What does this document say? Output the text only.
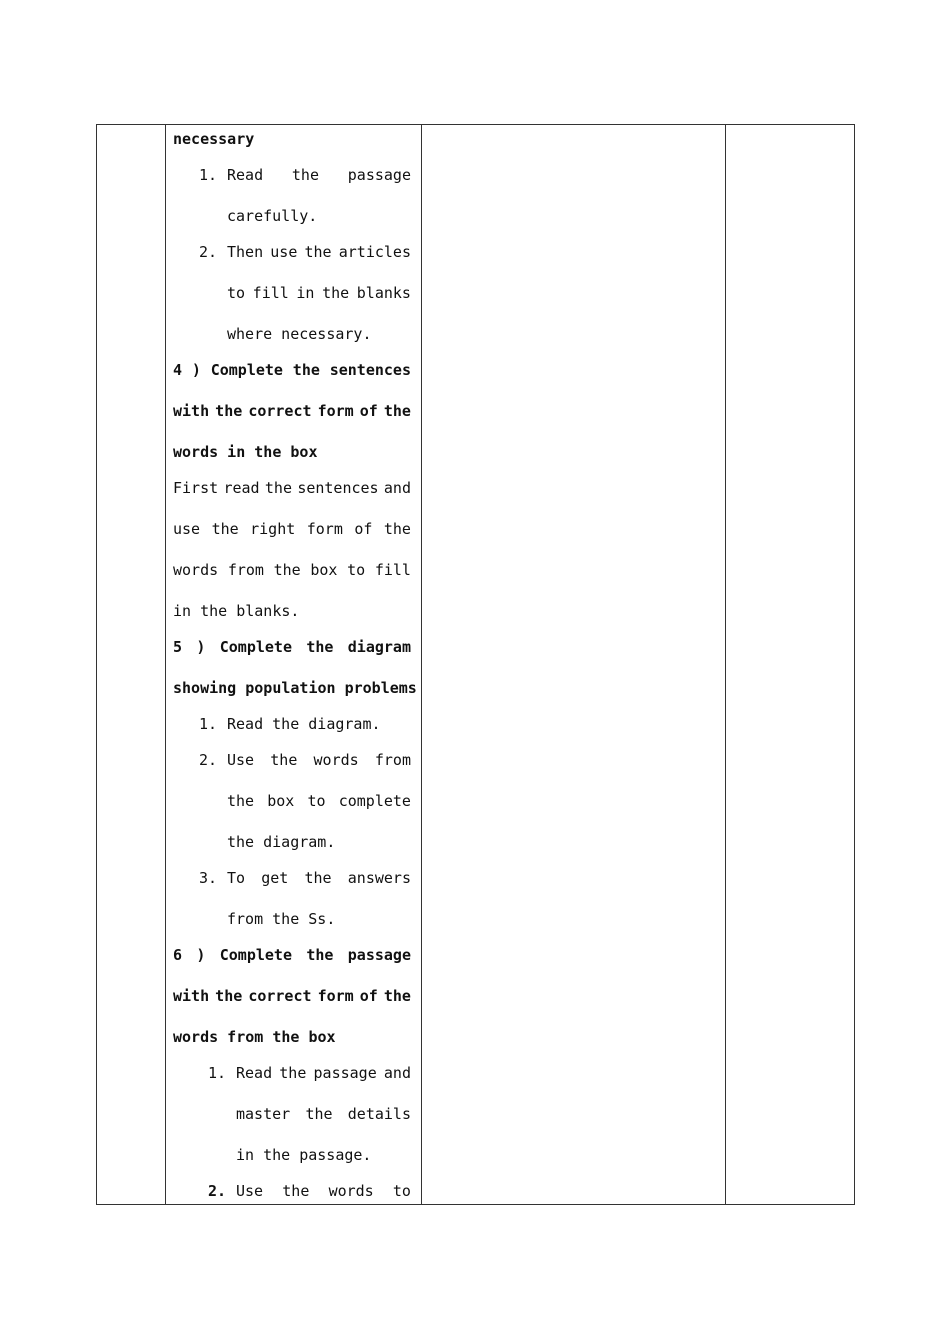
necessary
1. Read the passage
carefully.
2. Then use the articles
to fill in the blanks
where necessary.
4 ) Complete the sentences
with the correct form of the
words in the box
First read the sentences and
use the right form of the
words from the box to fill
in the blanks.
5 ) Complete the diagram
showing population problems
1. Read the diagram.
2. Use the words from
the box to complete
the diagram.
3. To get the answers
from the Ss.
6 ) Complete the passage
with the correct form of the
words from the box
1. Read the passage and
master the details
in the passage.
2. Use the words to
